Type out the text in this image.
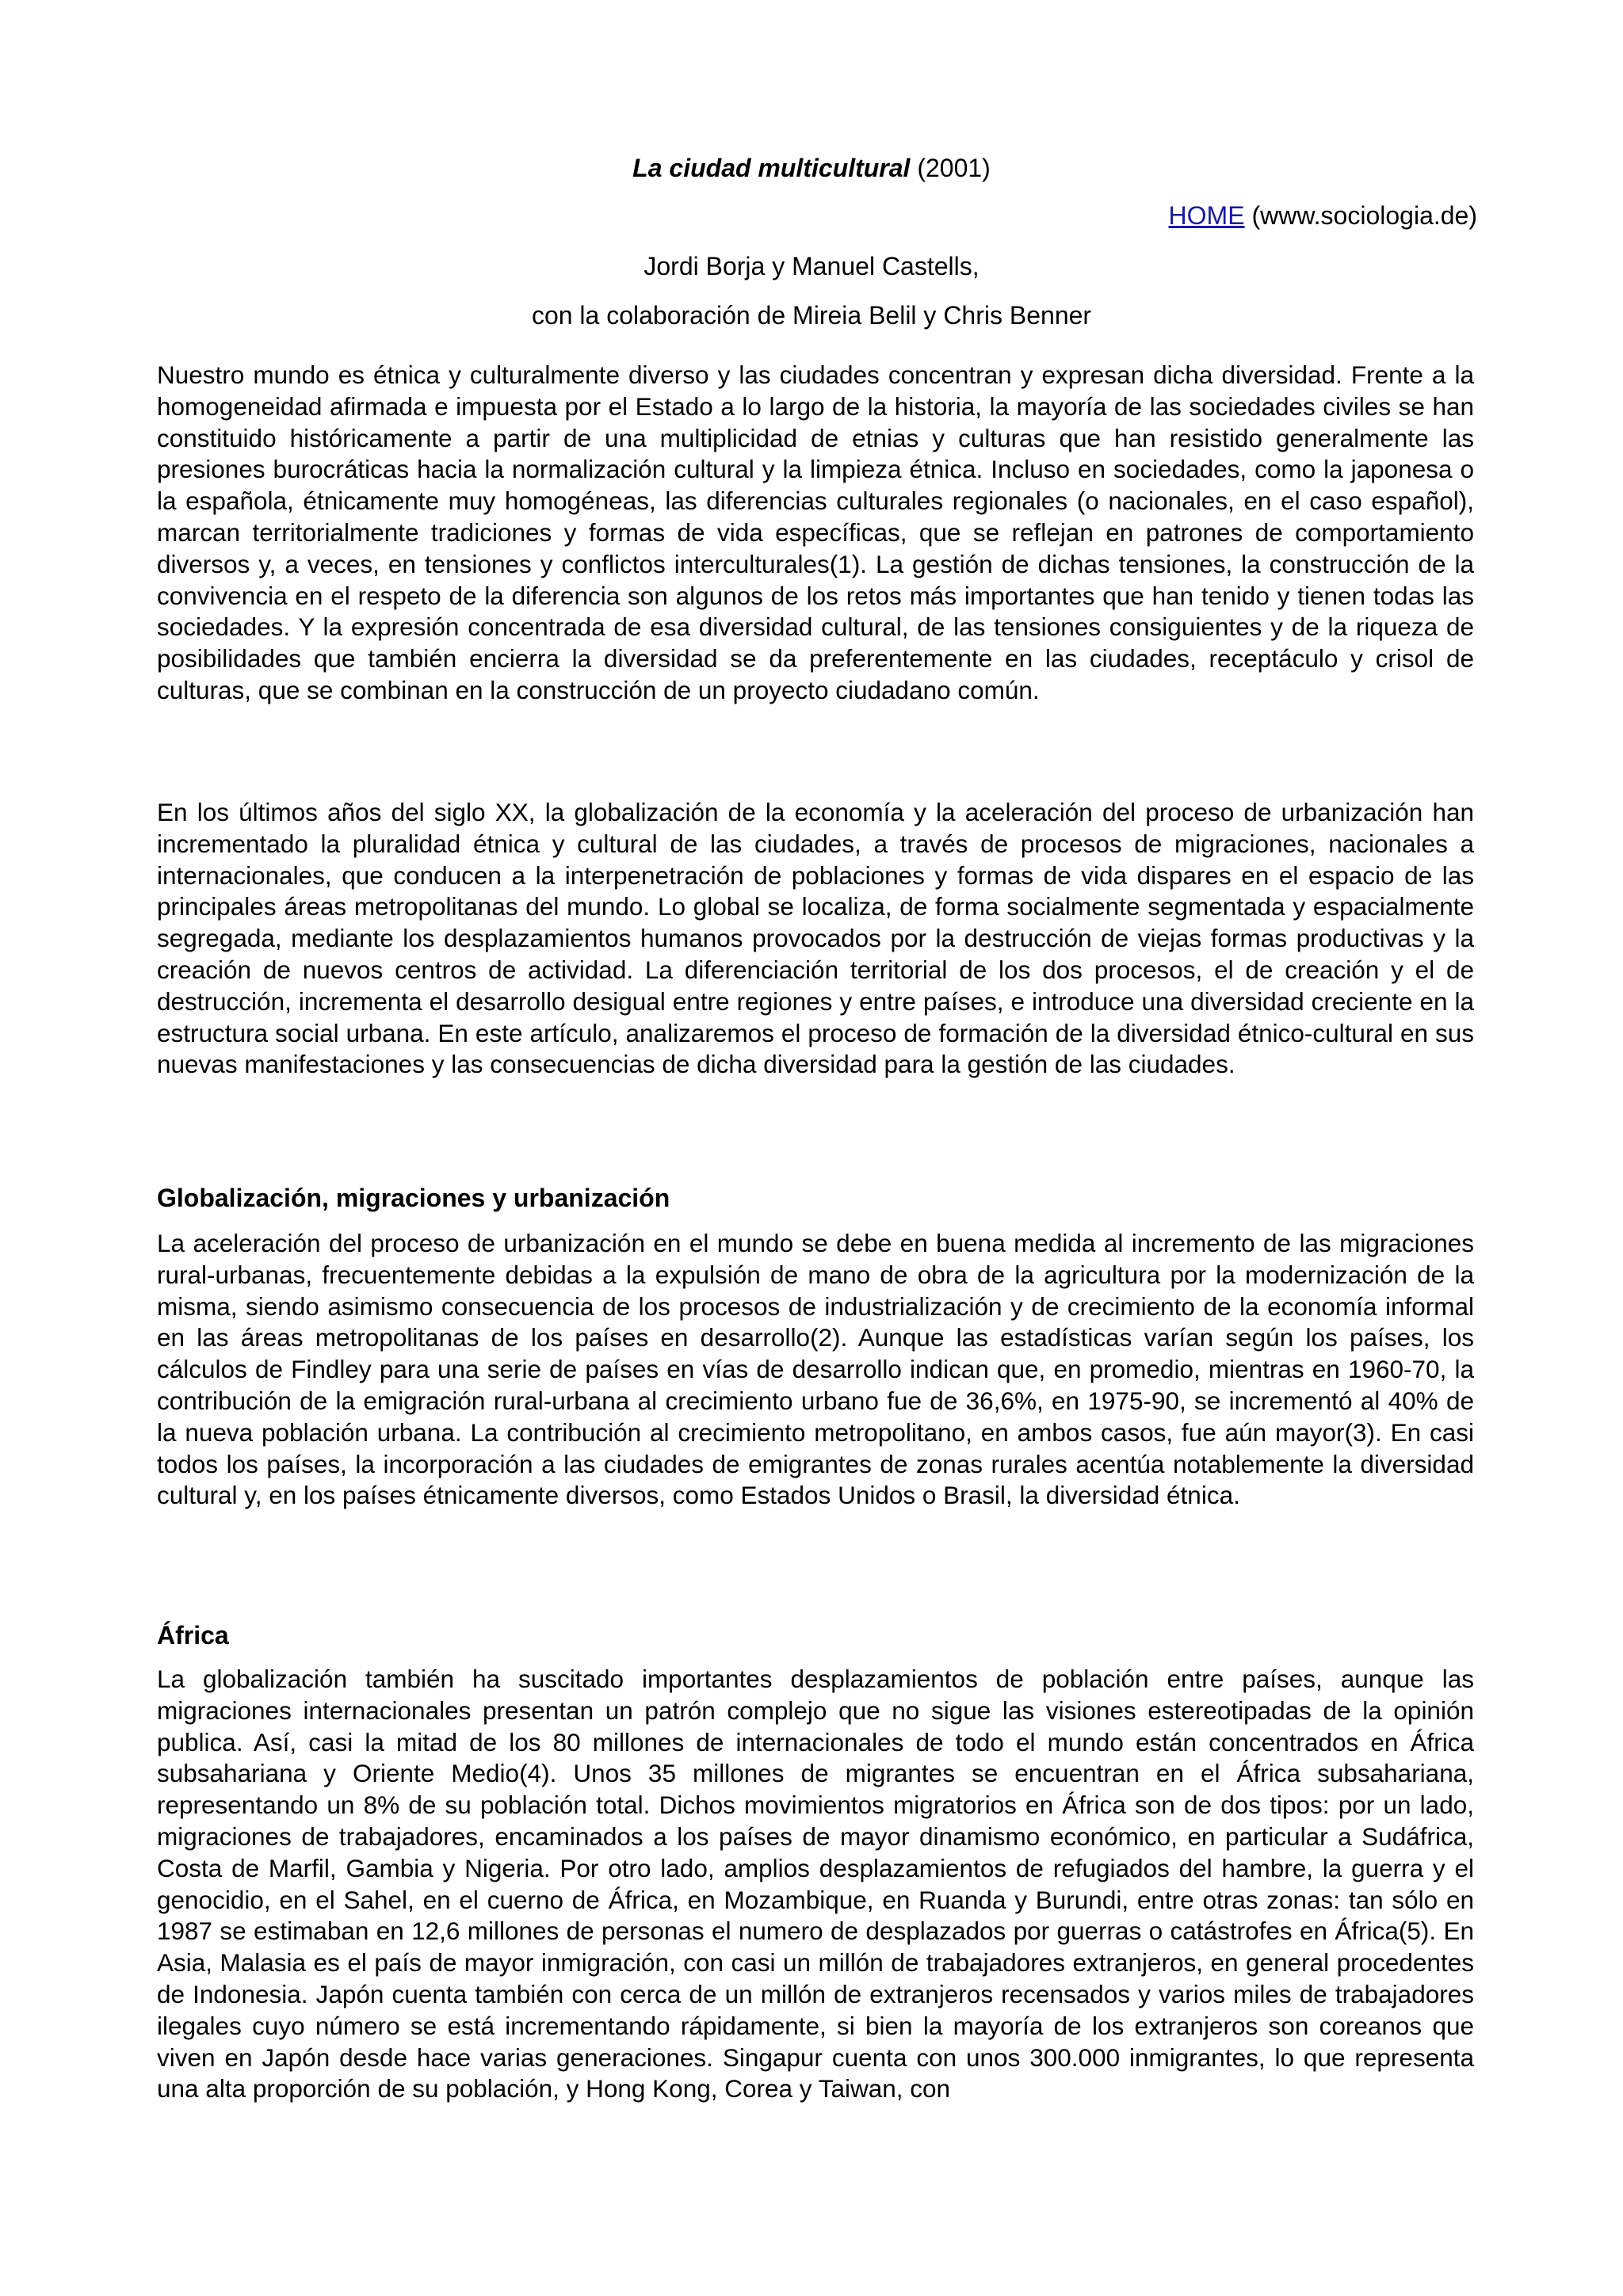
La ciudad multicultural (2001)
HOME (www.sociologia.de)
Jordi Borja y Manuel Castells,
con la colaboración de Mireia Belil y Chris Benner

Nuestro mundo es étnica y culturalmente diverso y las ciudades concentran y expresan dicha diversidad. Frente a la homogeneidad afirmada e impuesta por el Estado a lo largo de la historia, la mayoría de las sociedades civiles se han constituido históricamente a partir de una multiplicidad de etnias y culturas que han resistido generalmente las presiones burocráticas hacia la normalización cultural y la limpieza étnica. Incluso en sociedades, como la japonesa o la española, étnicamente muy homogéneas, las diferencias culturales regionales (o nacionales, en el caso español), marcan territorialmente tradiciones y formas de vida específicas, que se reflejan en patrones de comportamiento diversos y, a veces, en tensiones y conflictos interculturales(1). La gestión de dichas tensiones, la construcción de la convivencia en el respeto de la diferencia son algunos de los retos más importantes que han tenido y tienen todas las sociedades. Y la expresión concentrada de esa diversidad cultural, de las tensiones consiguientes y de la riqueza de posibilidades que también encierra la diversidad se da preferentemente en las ciudades, receptáculo y crisol de culturas, que se combinan en la construcción de un proyecto ciudadano común.

En los últimos años del siglo XX, la globalización de la economía y la aceleración del proceso de urbanización han incrementado la pluralidad étnica y cultural de las ciudades, a través de procesos de migraciones, nacionales a internacionales, que conducen a la interpenetración de poblaciones y formas de vida dispares en el espacio de las principales áreas metropolitanas del mundo. Lo global se localiza, de forma socialmente segmentada y espacialmente segregada, mediante los desplazamientos humanos provocados por la destrucción de viejas formas productivas y la creación de nuevos centros de actividad. La diferenciación territorial de los dos procesos, el de creación y el de destrucción, incrementa el desarrollo desigual entre regiones y entre países, e introduce una diversidad creciente en la estructura social urbana. En este artículo, analizaremos el proceso de formación de la diversidad étnico-cultural en sus nuevas manifestaciones y las consecuencias de dicha diversidad para la gestión de las ciudades.

Globalización, migraciones y urbanización

La aceleración del proceso de urbanización en el mundo se debe en buena medida al incremento de las migraciones rural-urbanas, frecuentemente debidas a la expulsión de mano de obra de la agricultura por la modernización de la misma, siendo asimismo consecuencia de los procesos de industrialización y de crecimiento de la economía informal en las áreas metropolitanas de los países en desarrollo(2). Aunque las estadísticas varían según los países, los cálculos de Findley para una serie de países en vías de desarrollo indican que, en promedio, mientras en 1960-70, la contribución de la emigración rural-urbana al crecimiento urbano fue de 36,6%, en 1975-90, se incrementó al 40% de la nueva población urbana. La contribución al crecimiento metropolitano, en ambos casos, fue aún mayor(3). En casi todos los países, la incorporación a las ciudades de emigrantes de zonas rurales acentúa notablemente la diversidad cultural y, en los países étnicamente diversos, como Estados Unidos o Brasil, la diversidad étnica.

África

La globalización también ha suscitado importantes desplazamientos de población entre países, aunque las migraciones internacionales presentan un patrón complejo que no sigue las visiones estereotipadas de la opinión publica. Así, casi la mitad de los 80 millones de internacionales de todo el mundo están concentrados en África subsahariana y Oriente Medio(4). Unos 35 millones de migrantes se encuentran en el África subsahariana, representando un 8% de su población total. Dichos movimientos migratorios en África son de dos tipos: por un lado, migraciones de trabajadores, encaminados a los países de mayor dinamismo económico, en particular a Sudáfrica, Costa de Marfil, Gambia y Nigeria. Por otro lado, amplios desplazamientos de refugiados del hambre, la guerra y el genocidio, en el Sahel, en el cuerno de África, en Mozambique, en Ruanda y Burundi, entre otras zonas: tan sólo en 1987 se estimaban en 12,6 millones de personas el numero de desplazados por guerras o catástrofes en África(5). En Asia, Malasia es el país de mayor inmigración, con casi un millón de trabajadores extranjeros, en general procedentes de Indonesia. Japón cuenta también con cerca de un millón de extranjeros recensados y varios miles de trabajadores ilegales cuyo número se está incrementando rápidamente, si bien la mayoría de los extranjeros son coreanos que viven en Japón desde hace varias generaciones. Singapur cuenta con unos 300.000 inmigrantes, lo que representa una alta proporción de su población, y Hong Kong, Corea y Taiwan, con
